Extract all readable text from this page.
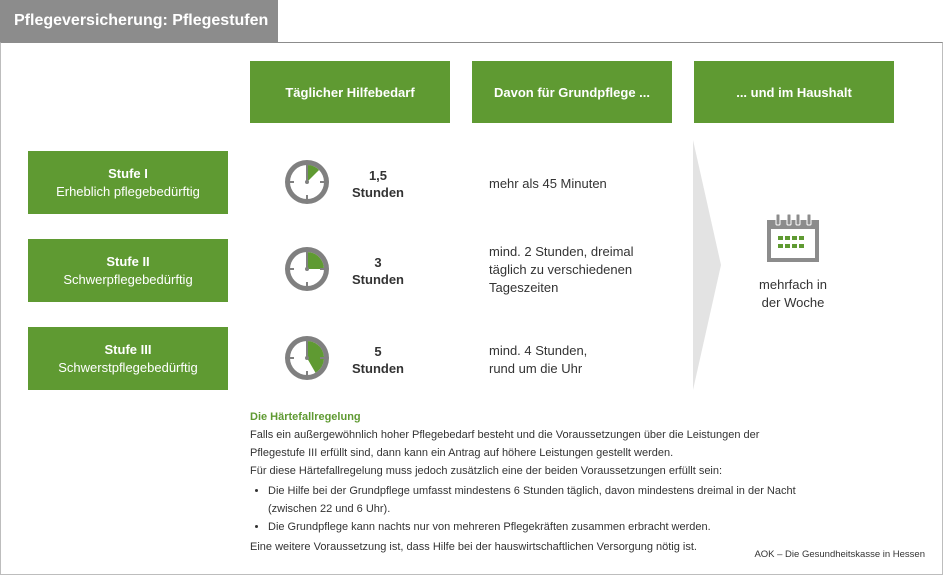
Pflegeversicherung: Pflegestufen
Täglicher Hilfebedarf	Davon für Grundpflege ...	... und im Haushalt
Stufe I
Erheblich pflegebedürftig
1,5
Stunden
mehr als 45 Minuten
Stufe II
Schwerpflegebedürftig
3
Stunden
mind. 2 Stunden, dreimal
täglich zu verschiedenen
Tageszeiten
Stufe III
Schwerstpflegebedürftig
5
Stunden
mind. 4 Stunden,
rund um die Uhr
mehrfach in
der Woche
Die Härtefallregelung

Falls ein außergewöhnlich hoher Pflegebedarf besteht und die Voraussetzungen über die Leistungen der

Pflegestufe III erfüllt sind, dann kann ein Antrag auf höhere Leistungen gestellt werden.

Für diese Härtefallregelung muss jedoch zusätzlich eine der beiden Voraussetzungen erfüllt sein:

• Die Hilfe bei der Grundpflege umfasst mindestens 6 Stunden täglich, davon mindestens dreimal in der Nacht
(zwischen 22 und 6 Uhr).
• Die Grundpflege kann nachts nur von mehreren Pflegekräften zusammen erbracht werden.

Eine weitere Voraussetzung ist, dass Hilfe bei der hauswirtschaftlichen Versorgung nötig ist.

AOK – Die Gesundheitskasse in Hessen
